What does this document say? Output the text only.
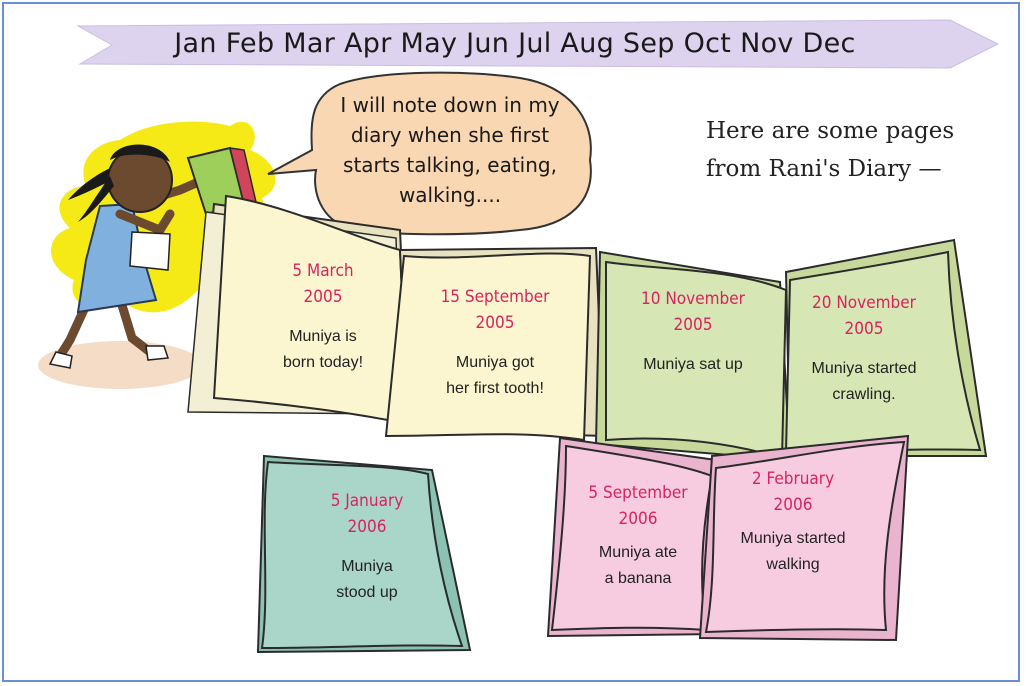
Jan Feb Mar Apr May Jun Jul Aug Sep Oct Nov Dec
I will note down in my diary when she first starts talking, eating, walking....
Here are some pages
from Rani's Diary —
5 March
2005
Muniya is
born today!
15 September
2005
Muniya got
her first tooth!
10 November
2005
Muniya sat up
20 November
2005
Muniya started
crawling.
5 January
2006
Muniya
stood up
5 September
2006
Muniya ate
a banana
2 February
2006
Muniya started
walking
